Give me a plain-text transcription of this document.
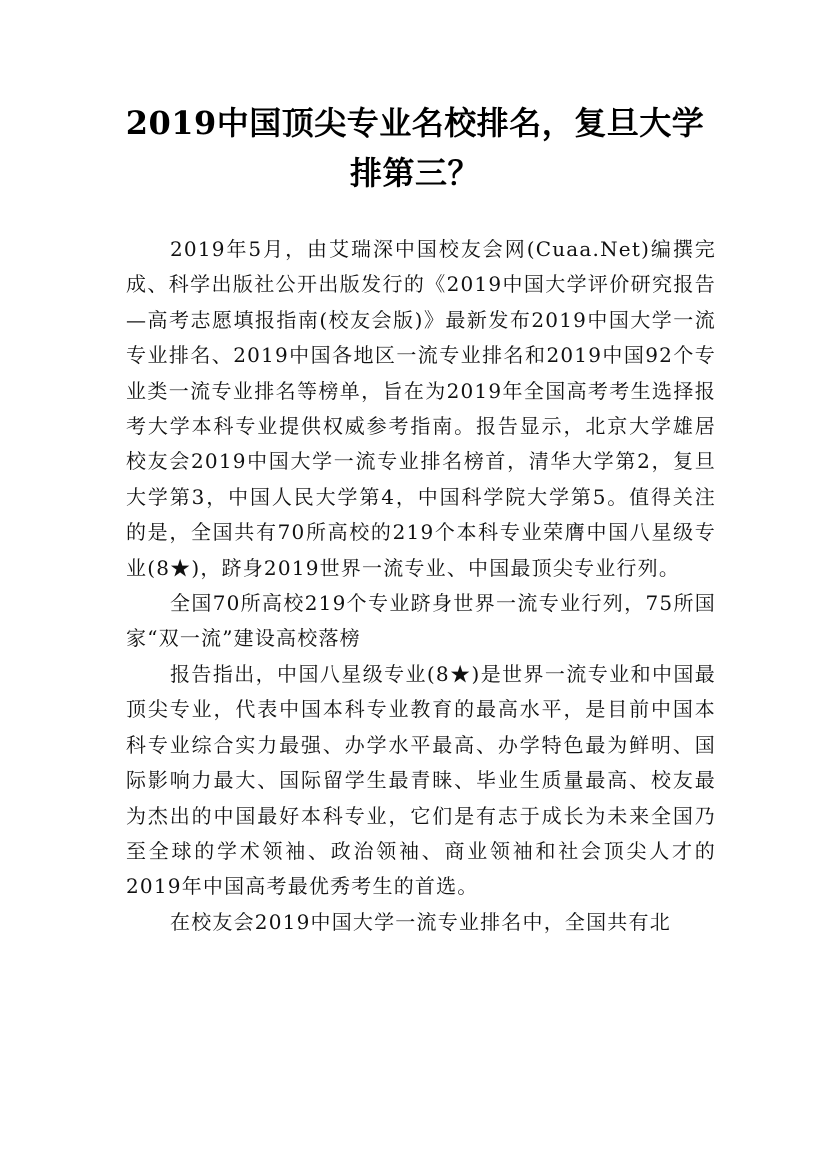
2019中国顶尖专业名校排名，复旦大学排第三？

2019年5月，由艾瑞深中国校友会网(Cuaa.Net)编撰完成、科学出版社公开出版发行的《2019中国大学评价研究报告—高考志愿填报指南(校友会版)》最新发布2019中国大学一流专业排名、2019中国各地区一流专业排名和2019中国92个专业类一流专业排名等榜单，旨在为2019年全国高考考生选择报考大学本科专业提供权威参考指南。报告显示，北京大学雄居校友会2019中国大学一流专业排名榜首，清华大学第2，复旦大学第3，中国人民大学第4，中国科学院大学第5。值得关注的是，全国共有70所高校的219个本科专业荣膺中国八星级专业(8★)，跻身2019世界一流专业、中国最顶尖专业行列。

全国70所高校219个专业跻身世界一流专业行列，75所国家“双一流”建设高校落榜

报告指出，中国八星级专业(8★)是世界一流专业和中国最顶尖专业，代表中国本科专业教育的最高水平，是目前中国本科专业综合实力最强、办学水平最高、办学特色最为鲜明、国际影响力最大、国际留学生最青睐、毕业生质量最高、校友最为杰出的中国最好本科专业，它们是有志于成长为未来全国乃至全球的学术领袖、政治领袖、商业领袖和社会顶尖人才的2019年中国高考最优秀考生的首选。

在校友会2019中国大学一流专业排名中，全国共有北
